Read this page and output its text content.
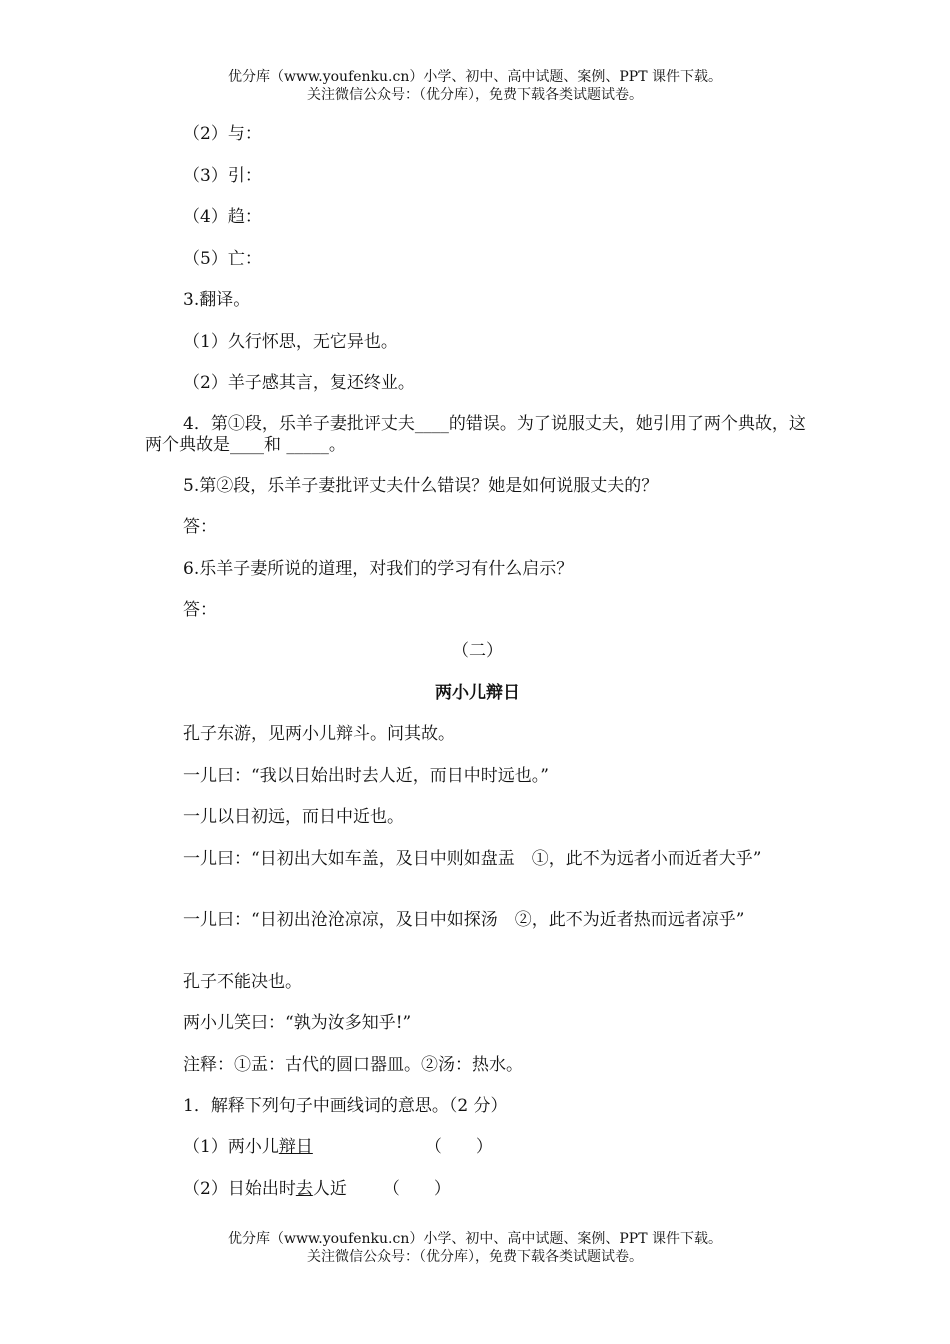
优分库（www.youfenku.cn）小学、初中、高中试题、案例、PPT 课件下载。
关注微信公众号：（优分库），免费下载各类试题试卷。
（2）与：
（3）引：
（4）趋：
（5）亡：
3.翻译。
（1）久行怀思，无它异也。
（2）羊子感其言，复还终业。
4．第①段，乐羊子妻批评丈夫____的错误。为了说服丈夫，她引用了两个典故，这两个典故是____和 _____。
5.第②段，乐羊子妻批评丈夫什么错误？她是如何说服丈夫的？
答：
6.乐羊子妻所说的道理，对我们的学习有什么启示？
答：
（二）
两小儿辩日
孔子东游，见两小儿辩斗。问其故。
一儿曰：“我以日始出时去人近，而日中时远也。”
一儿以日初远，而日中近也。
一儿曰：“日初出大如车盖，及日中则如盘盂　①，此不为远者小而近者大乎”
一儿曰：“日初出沧沧凉凉，及日中如探汤　②，此不为近者热而远者凉乎”
孔子不能决也。
两小儿笑曰：“孰为汝多知乎!”
注释：①盂：古代的圆口器皿。②汤：热水。
1．解释下列句子中画线词的意思。（2 分）
（1）两小儿辩日	（　　）
（2）日始出时去人近 （　　）
优分库（www.youfenku.cn）小学、初中、高中试题、案例、PPT 课件下载。
关注微信公众号：（优分库），免费下载各类试题试卷。
